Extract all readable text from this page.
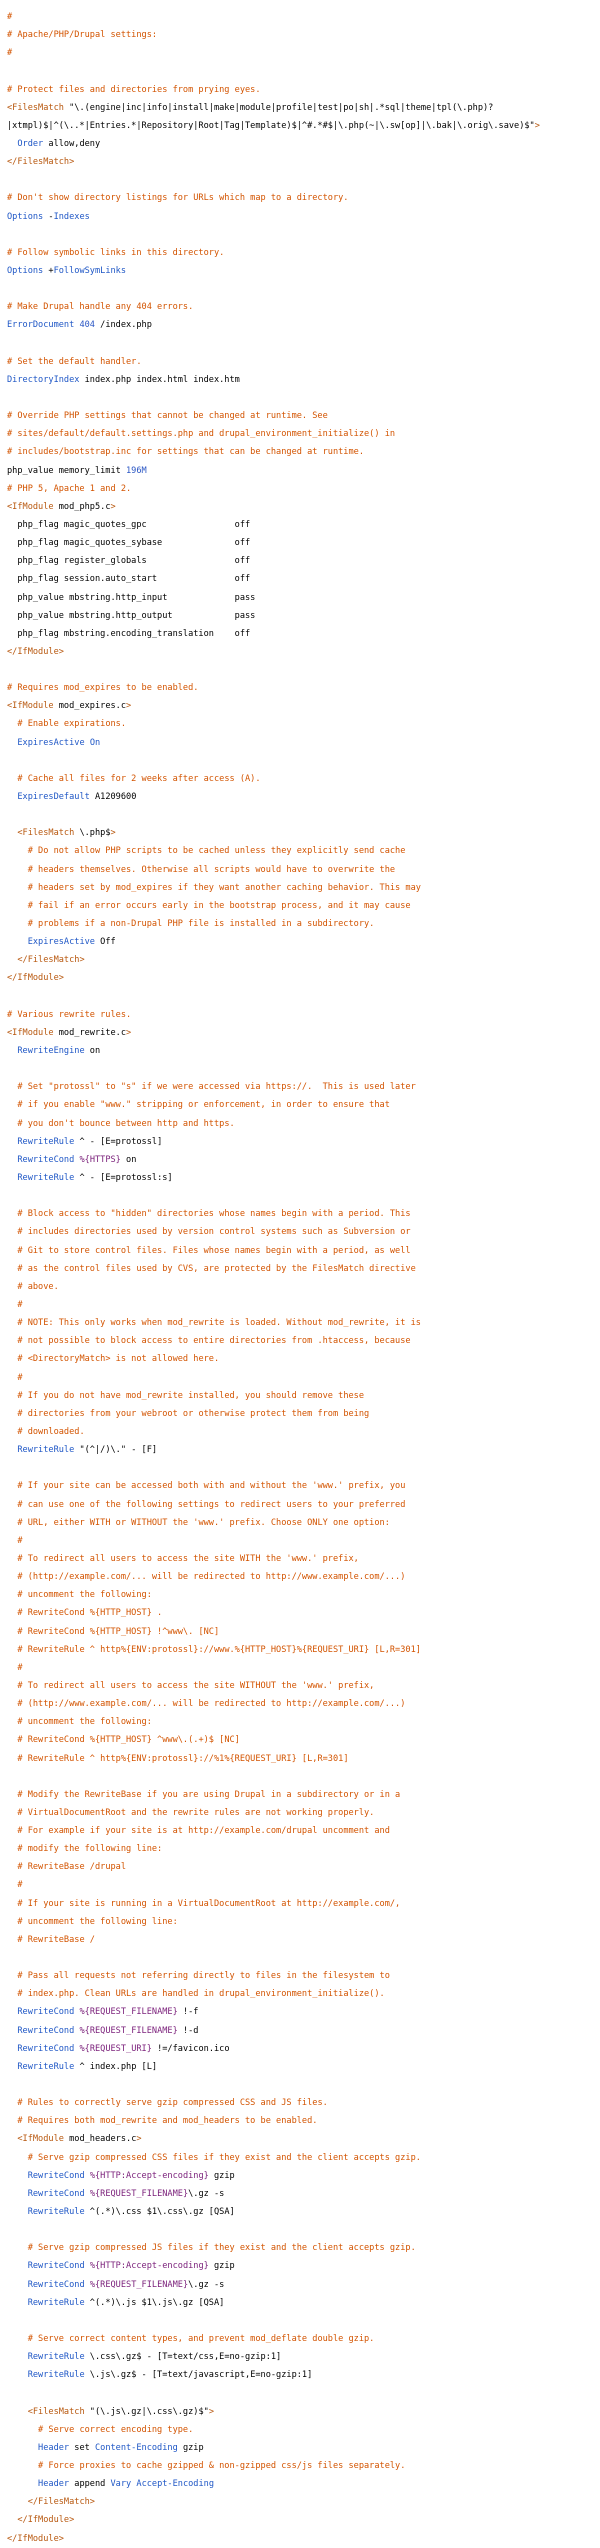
#
# Apache/PHP/Drupal settings:
#

# Protect files and directories from prying eyes.
<FilesMatch "\.(engine|inc|info|install|make|module|profile|test|po|sh|.*sql|theme|tpl(\.php)?
|xtmpl)$|^(\..*|Entries.*|Repository|Root|Tag|Template)$|^#.*#$|\.php(~|\.sw[op]|\.bak|\.orig\.save)$">
Order allow,deny
</FilesMatch>

# Don't show directory listings for URLs which map to a directory.
Options -Indexes

# Follow symbolic links in this directory.
Options +FollowSymLinks

# Make Drupal handle any 404 errors.
ErrorDocument 404 /index.php

# Set the default handler.
DirectoryIndex index.php index.html index.htm

# Override PHP settings that cannot be changed at runtime. See
# sites/default/default.settings.php and drupal_environment_initialize() in
# includes/bootstrap.inc for settings that can be changed at runtime.
php_value memory_limit 196M
# PHP 5, Apache 1 and 2.
<IfModule mod_php5.c>
php_flag magic_quotes_gpc                 off
php_flag magic_quotes_sybase              off
php_flag register_globals                 off
php_flag session.auto_start               off
php_value mbstring.http_input             pass
php_value mbstring.http_output            pass
php_flag mbstring.encoding_translation    off
</IfModule>

# Requires mod_expires to be enabled.
<IfModule mod_expires.c>
# Enable expirations.
ExpiresActive On

# Cache all files for 2 weeks after access (A).
ExpiresDefault A1209600

<FilesMatch \.php$>
# Do not allow PHP scripts to be cached unless they explicitly send cache
# headers themselves. Otherwise all scripts would have to overwrite the
# headers set by mod_expires if they want another caching behavior. This may
# fail if an error occurs early in the bootstrap process, and it may cause
# problems if a non-Drupal PHP file is installed in a subdirectory.
ExpiresActive Off
</FilesMatch>
</IfModule>

# Various rewrite rules.
<IfModule mod_rewrite.c>
RewriteEngine on

# Set "protossl" to "s" if we were accessed via https://.  This is used later
# if you enable "www." stripping or enforcement, in order to ensure that
# you don't bounce between http and https.
RewriteRule ^ - [E=protossl]
RewriteCond %{HTTPS} on
RewriteRule ^ - [E=protossl:s]

# Block access to "hidden" directories whose names begin with a period. This
# includes directories used by version control systems such as Subversion or
# Git to store control files. Files whose names begin with a period, as well
# as the control files used by CVS, are protected by the FilesMatch directive
# above.
#
# NOTE: This only works when mod_rewrite is loaded. Without mod_rewrite, it is
# not possible to block access to entire directories from .htaccess, because
# <DirectoryMatch> is not allowed here.
#
# If you do not have mod_rewrite installed, you should remove these
# directories from your webroot or otherwise protect them from being
# downloaded.
RewriteRule "(^|/)\." - [F]

# If your site can be accessed both with and without the 'www.' prefix, you
# can use one of the following settings to redirect users to your preferred
# URL, either WITH or WITHOUT the 'www.' prefix. Choose ONLY one option:
#
# To redirect all users to access the site WITH the 'www.' prefix,
# (http://example.com/... will be redirected to http://www.example.com/...)
# uncomment the following:
# RewriteCond %{HTTP_HOST} .
# RewriteCond %{HTTP_HOST} !^www\. [NC]
# RewriteRule ^ http%{ENV:protossl}://www.%{HTTP_HOST}%{REQUEST_URI} [L,R=301]
#
# To redirect all users to access the site WITHOUT the 'www.' prefix,
# (http://www.example.com/... will be redirected to http://example.com/...)
# uncomment the following:
# RewriteCond %{HTTP_HOST} ^www\.(.+)$ [NC]
# RewriteRule ^ http%{ENV:protossl}://%1%{REQUEST_URI} [L,R=301]

# Modify the RewriteBase if you are using Drupal in a subdirectory or in a
# VirtualDocumentRoot and the rewrite rules are not working properly.
# For example if your site is at http://example.com/drupal uncomment and
# modify the following line:
# RewriteBase /drupal
#
# If your site is running in a VirtualDocumentRoot at http://example.com/,
# uncomment the following line:
# RewriteBase /

# Pass all requests not referring directly to files in the filesystem to
# index.php. Clean URLs are handled in drupal_environment_initialize().
RewriteCond %{REQUEST_FILENAME} !-f
RewriteCond %{REQUEST_FILENAME} !-d
RewriteCond %{REQUEST_URI} !=/favicon.ico
RewriteRule ^ index.php [L]

# Rules to correctly serve gzip compressed CSS and JS files.
# Requires both mod_rewrite and mod_headers to be enabled.
<IfModule mod_headers.c>
# Serve gzip compressed CSS files if they exist and the client accepts gzip.
RewriteCond %{HTTP:Accept-encoding} gzip
RewriteCond %{REQUEST_FILENAME}\.gz -s
RewriteRule ^(.*)\.css $1\.css\.gz [QSA]

# Serve gzip compressed JS files if they exist and the client accepts gzip.
RewriteCond %{HTTP:Accept-encoding} gzip
RewriteCond %{REQUEST_FILENAME}\.gz -s
RewriteRule ^(.*)\.js $1\.js\.gz [QSA]

# Serve correct content types, and prevent mod_deflate double gzip.
RewriteRule \.css\.gz$ - [T=text/css,E=no-gzip:1]
RewriteRule \.js\.gz$ - [T=text/javascript,E=no-gzip:1]

<FilesMatch "(\.js\.gz|\.css\.gz)$">
# Serve correct encoding type.
Header set Content-Encoding gzip
# Force proxies to cache gzipped & non-gzipped css/js files separately.
Header append Vary Accept-Encoding
</FilesMatch>
</IfModule>
</IfModule>
